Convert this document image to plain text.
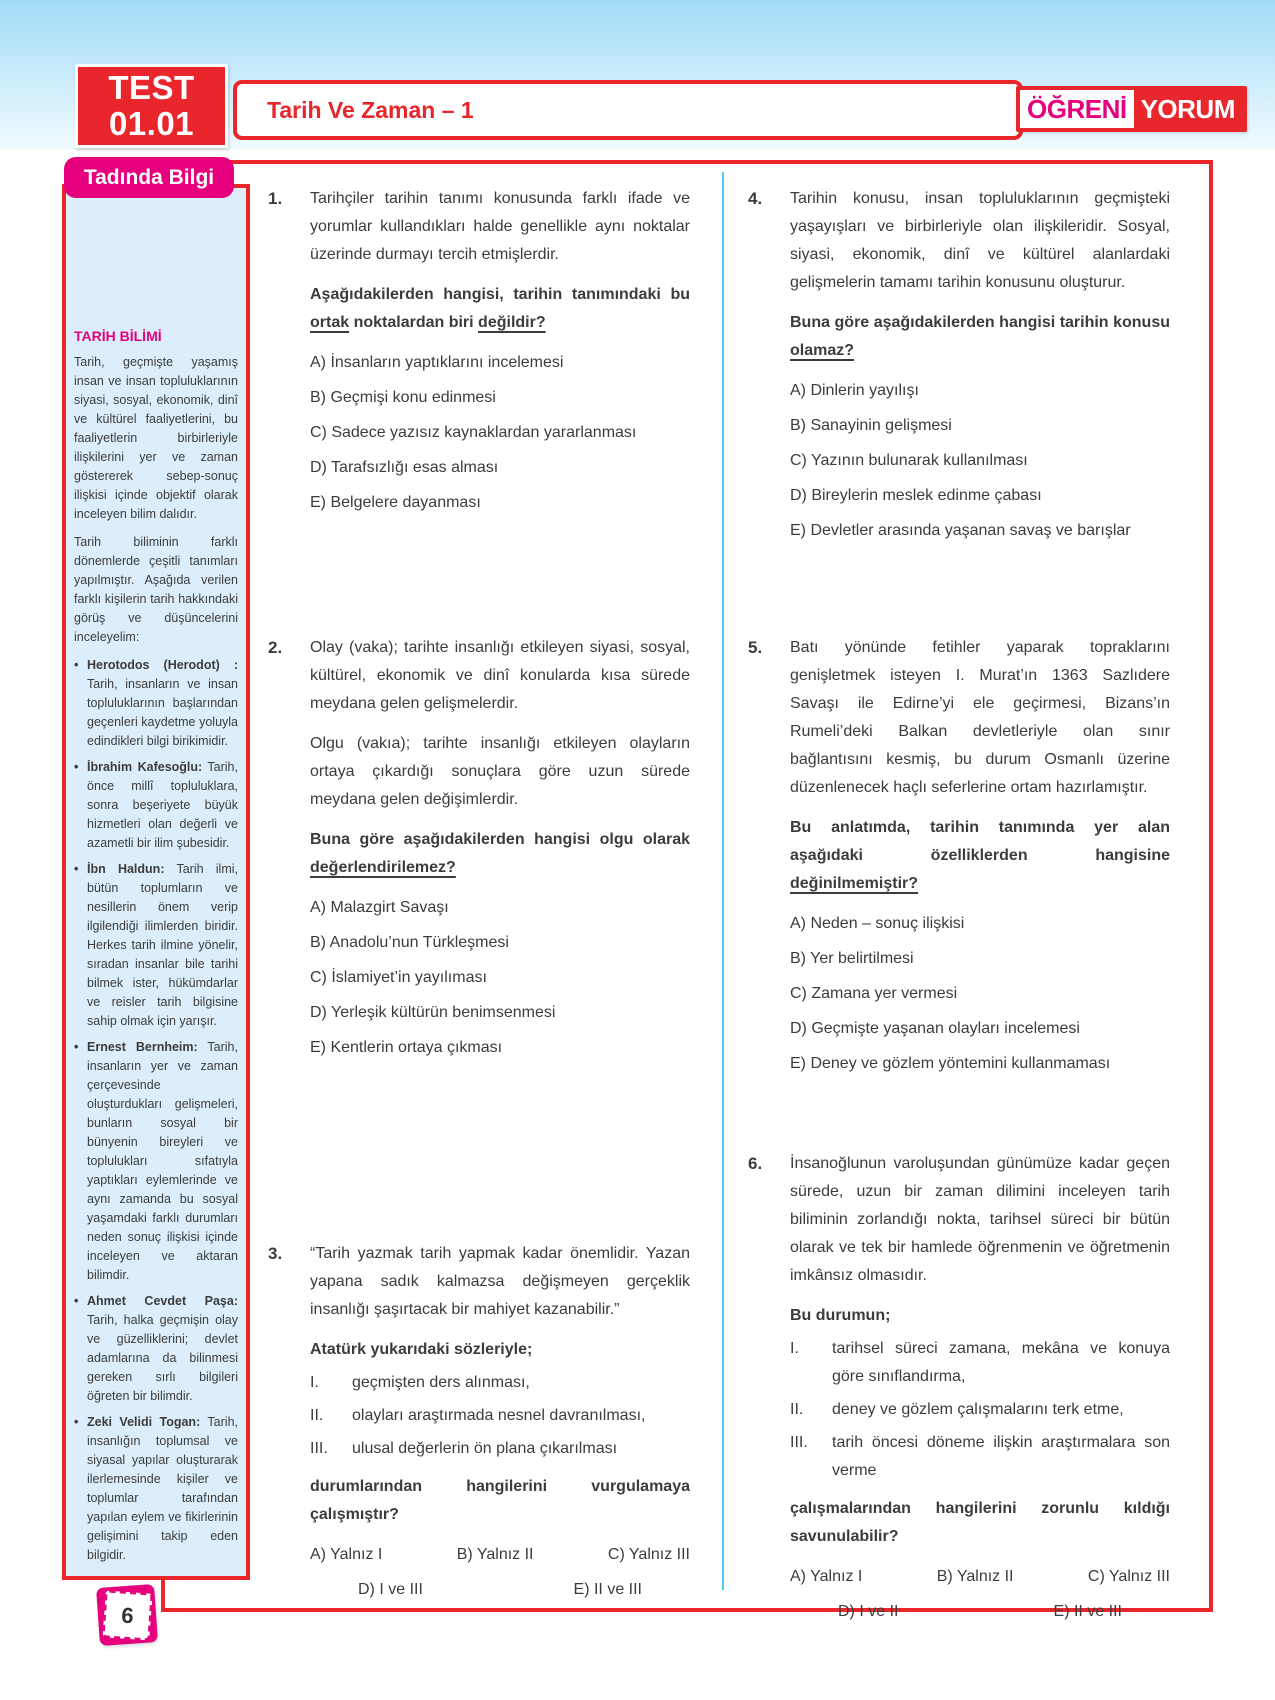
TEST
01.01	Tarih Ve Zaman – 1	ÖĞRENİ YORUM
Tadında Bilgi
TARİH BİLİMİ
Tarih, geçmişte yaşamış insan ve insan topluluklarının siyasi, sosyal, ekonomik, dinî ve kültürel faaliyetlerini, bu faaliyetlerin birbirleriyle ilişkilerini yer ve zaman göstererek sebep-sonuç ilişkisi içinde objektif olarak inceleyen bilim dalıdır.
Tarih biliminin farklı dönemlerde çeşitli tanımları yapılmıştır. Aşağıda verilen farklı kişilerin tarih hakkındaki görüş ve düşüncelerini inceleyelim:
• Herotodos (Herodot) : Tarih, insanların ve insan topluluklarının başlarından geçenleri kaydetme yoluyla edindikleri bilgi birikimidir.
• İbrahim Kafesoğlu: Tarih, önce millî topluluklara, sonra beşeriyete büyük hizmetleri olan değerli ve azametli bir ilim şubesidir.
• İbn Haldun: Tarih ilmi, bütün toplumların ve nesillerin önem verip ilgilendiği ilimlerden biridir. Herkes tarih ilmine yönelir, sıradan insanlar bile tarihi bilmek ister, hükümdarlar ve reisler tarih bilgisine sahip olmak için yarışır.
• Ernest Bernheim: Tarih, insanların yer ve zaman çerçevesinde oluşturdukları gelişmeleri, bunların sosyal bir bünyenin bireyleri ve toplulukları sıfatıyla yaptıkları eylemlerinde ve aynı zamanda bu sosyal yaşamdaki farklı durumları neden sonuç ilişkisi içinde inceleyen ve aktaran bilimdir.
• Ahmet Cevdet Paşa: Tarih, halka geçmişin olay ve güzelliklerini; devlet adamlarına da bilinmesi gereken sırlı bilgileri öğreten bir bilimdir.
• Zeki Velidi Togan: Tarih, insanlığın toplumsal ve siyasal yapılar oluşturarak ilerlemesinde kişiler ve toplumlar tarafından yapılan eylem ve fikirlerinin gelişimini takip eden bilgidir.
1.	Tarihçiler tarihin tanımı konusunda farklı ifade ve yorumlar kullandıkları halde genellikle aynı noktalar üzerinde durmayı tercih etmişlerdir.
Aşağıdakilerden hangisi, tarihin tanımındaki bu ortak noktalardan biri değildir?
A) İnsanların yaptıklarını incelemesi
B) Geçmişi konu edinmesi
C) Sadece yazısız kaynaklardan yararlanması
D) Tarafsızlığı esas alması
E) Belgelere dayanması
2.	Olay (vaka); tarihte insanlığı etkileyen siyasi, sosyal, kültürel, ekonomik ve dinî konularda kısa sürede meydana gelen gelişmelerdir.
Olgu (vakıa); tarihte insanlığı etkileyen olayların ortaya çıkardığı sonuçlara göre uzun sürede meydana gelen değişimlerdir.
Buna göre aşağıdakilerden hangisi olgu olarak değerlendirilemez?
A) Malazgirt Savaşı
B) Anadolu’nun Türkleşmesi
C) İslamiyet’in yayılıması
D) Yerleşik kültürün benimsenmesi
E) Kentlerin ortaya çıkması
3.	“Tarih yazmak tarih yapmak kadar önemlidir. Yazan yapana sadık kalmazsa değişmeyen gerçeklik insanlığı şaşırtacak bir mahiyet kazanabilir.”
Atatürk yukarıdaki sözleriyle;
I.	geçmişten ders alınması,
II.	olayları araştırmada nesnel davranılması,
III.	ulusal değerlerin ön plana çıkarılması
durumlarından hangilerini vurgulamaya çalışmıştır?
A) Yalnız I	B) Yalnız II	C) Yalnız III
D) I ve III	E) II ve III
4.	Tarihin konusu, insan topluluklarının geçmişteki yaşayışları ve birbirleriyle olan ilişkileridir. Sosyal, siyasi, ekonomik, dinî ve kültürel alanlardaki gelişmelerin tamamı tarihin konusunu oluşturur.
Buna göre aşağıdakilerden hangisi tarihin konusu olamaz?
A) Dinlerin yayılışı
B) Sanayinin gelişmesi
C) Yazının bulunarak kullanılması
D) Bireylerin meslek edinme çabası
E) Devletler arasında yaşanan savaş ve barışlar
5.	Batı yönünde fetihler yaparak topraklarını genişletmek isteyen I. Murat’ın 1363 Sazlıdere Savaşı ile Edirne’yi ele geçirmesi, Bizans’ın Rumeli’deki Balkan devletleriyle olan sınır bağlantısını kesmiş, bu durum Osmanlı üzerine düzenlenecek haçlı seferlerine ortam hazırlamıştır.
Bu anlatımda, tarihin tanımında yer alan aşağıdaki özelliklerden hangisine değinilmemiştir?
A) Neden – sonuç ilişkisi
B) Yer belirtilmesi
C) Zamana yer vermesi
D) Geçmişte yaşanan olayları incelemesi
E) Deney ve gözlem yöntemini kullanmaması
6.	İnsanoğlunun varoluşundan günümüze kadar geçen sürede, uzun bir zaman dilimini inceleyen tarih biliminin zorlandığı nokta, tarihsel süreci bir bütün olarak ve tek bir hamlede öğrenmenin ve öğretmenin imkânsız olmasıdır.
Bu durumun;
I.	tarihsel süreci zamana, mekâna ve konuya göre sınıflandırma,
II.	deney ve gözlem çalışmalarını terk etme,
III.	tarih öncesi döneme ilişkin araştırmalara son verme
çalışmalarından hangilerini zorunlu kıldığı savunulabilir?
A) Yalnız I	B) Yalnız II	C) Yalnız III
D) I ve II	E) II ve III
6
